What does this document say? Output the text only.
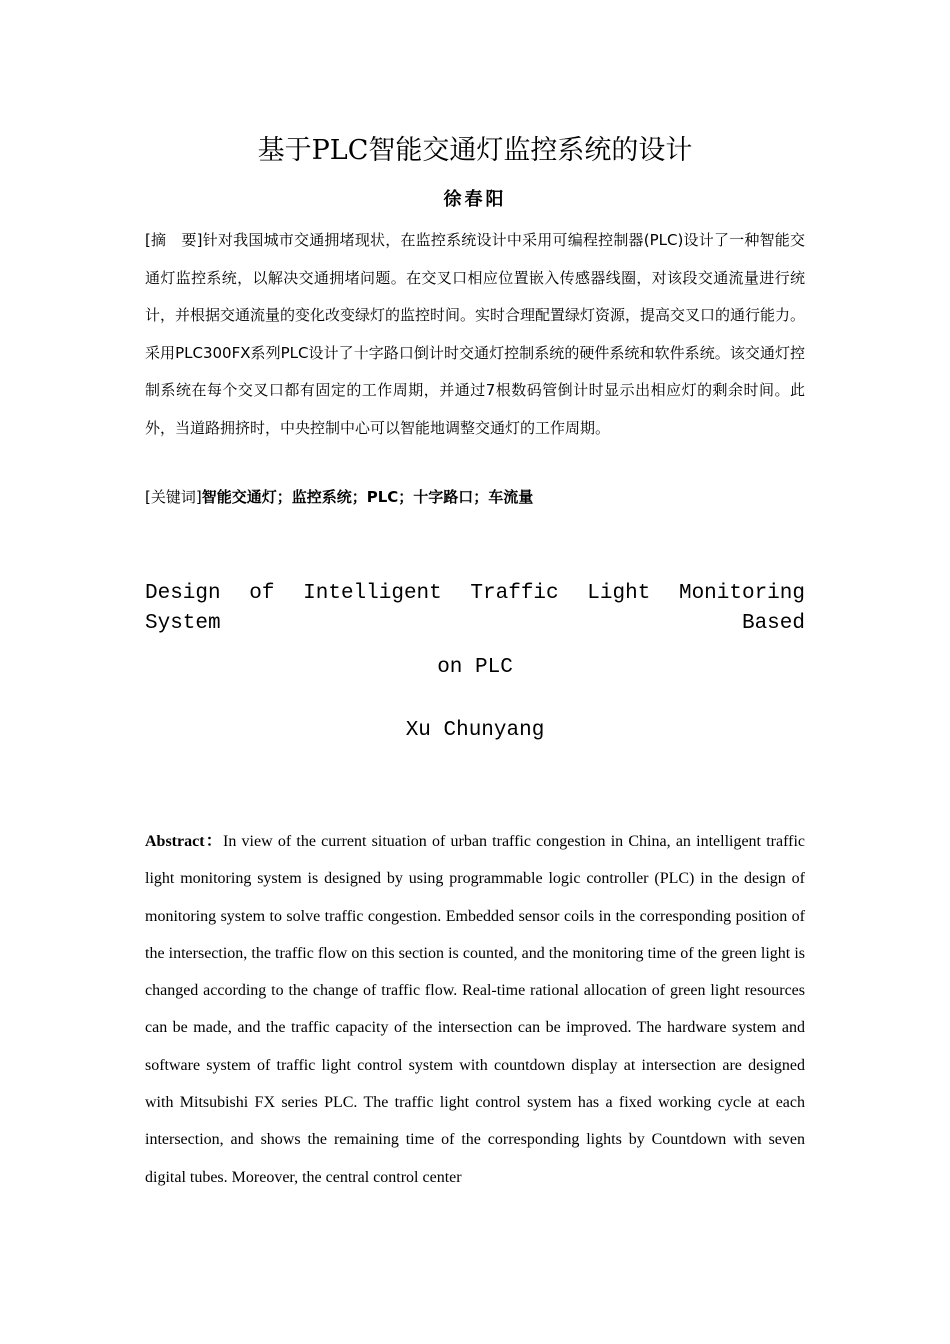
基于PLC智能交通灯监控系统的设计
徐春阳
[摘　要]针对我国城市交通拥堵现状，在监控系统设计中采用可编程控制器(PLC)设计了一种智能交通灯监控系统，以解决交通拥堵问题。在交叉口相应位置嵌入传感器线圈，对该段交通流量进行统计，并根据交通流量的变化改变绿灯的监控时间。实时合理配置绿灯资源，提高交叉口的通行能力。采用PLC300FX系列PLC设计了十字路口倒计时交通灯控制系统的硬件系统和软件系统。该交通灯控制系统在每个交叉口都有固定的工作周期，并通过7根数码管倒计时显示出相应灯的剩余时间。此外，当道路拥挤时，中央控制中心可以智能地调整交通灯的工作周期。
[关键词]智能交通灯；监控系统；PLC；十字路口；车流量
Design of Intelligent Traffic Light Monitoring System Based
on PLC
Xu Chunyang
Abstract：In view of the current situation of urban traffic congestion in China, an intelligent traffic light monitoring system is designed by using programmable logic controller (PLC) in the design of monitoring system to solve traffic congestion. Embedded sensor coils in the corresponding position of the intersection, the traffic flow on this section is counted, and the monitoring time of the green light is changed according to the change of traffic flow. Real-time rational allocation of green light resources can be made, and the traffic capacity of the intersection can be improved. The hardware system and software system of traffic light control system with countdown display at intersection are designed with Mitsubishi FX series PLC. The traffic light control system has a fixed working cycle at each intersection, and shows the remaining time of the corresponding lights by Countdown with seven digital tubes. Moreover, the central control center
